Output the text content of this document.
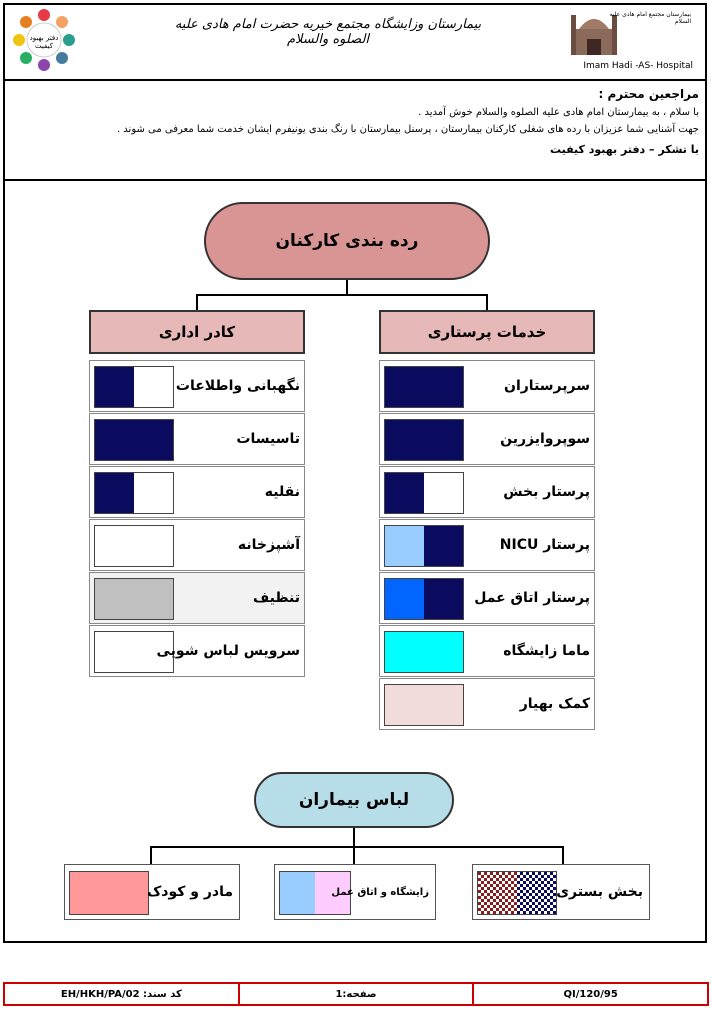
دفتر بهبود کیفیت
بیمارستان وزایشگاه مجتمع خیریه حضرت امام هادی علیه الصلوه والسلام
بیمارستان مجتمع امام هادی علیه السلام
Imam Hadi -AS- Hospital
مراجعین محترم :
با سلام ، به بیمارستان امام هادی علیه الصلوه والسلام خوش آمدید .
جهت آشنایی شما عزیزان با رده های شغلی کارکنان بیمارستان ، پرسنل بیمارستان با رنگ بندی یونیفرم ایشان خدمت شما معرفی می شوند .
با تشکر – دفتر بهبود کیفیت
رده بندی کارکنان
کادر اداری	خدمات پرستاری
نگهبانی واطلاعات
تاسیسات
نقلیه
آشپزخانه
تنظیف
سرویس لباس شویی
سرپرستاران
سوپروایزرین
پرستار بخش
پرستار NICU
پرستار اتاق عمل
ماما زایشگاه
کمک بهیار
لباس بیماران
بخش بستری
زایشگاه و اتاق عمل
مادر و کودک
کد سند: EH/HKH/PA/02	صفحه:1	95/QI/120
